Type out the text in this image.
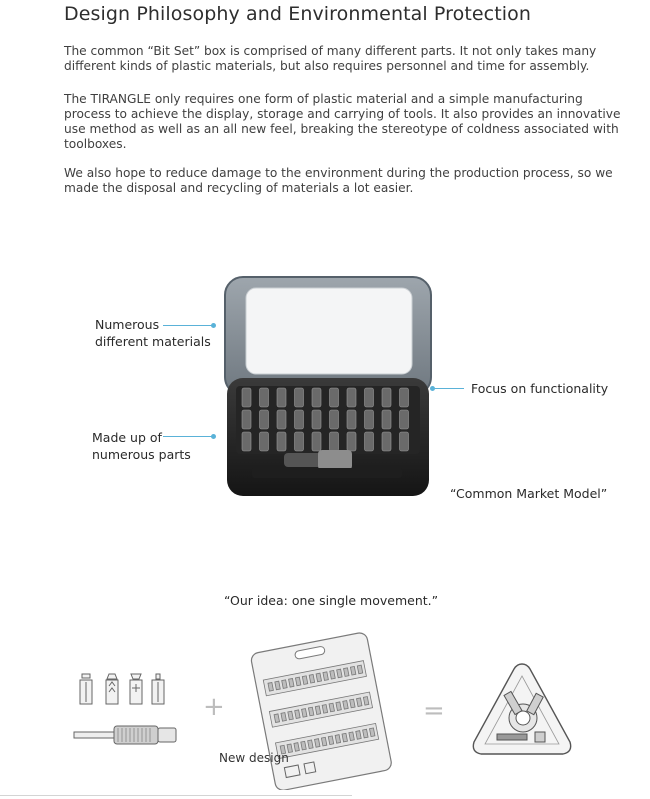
Design Philosophy and Environmental Protection

The common “Bit Set” box is comprised of many different parts. It not only takes many different kinds of plastic materials, but also requires personnel and time for assembly.

The TIRANGLE only requires one form of plastic material and a simple manufacturing process to achieve the display, storage and carrying of tools. It also provides an innovative use method as well as an all new feel, breaking the stereotype of coldness associated with toolboxes.

We also hope to reduce damage to the environment during the production process, so we made the disposal and recycling of materials a lot easier.

Numerous
different materials
Made up of
numerous parts
Focus on functionality
“Common Market Model”
“Our idea: one single movement.”
+
New design
=
